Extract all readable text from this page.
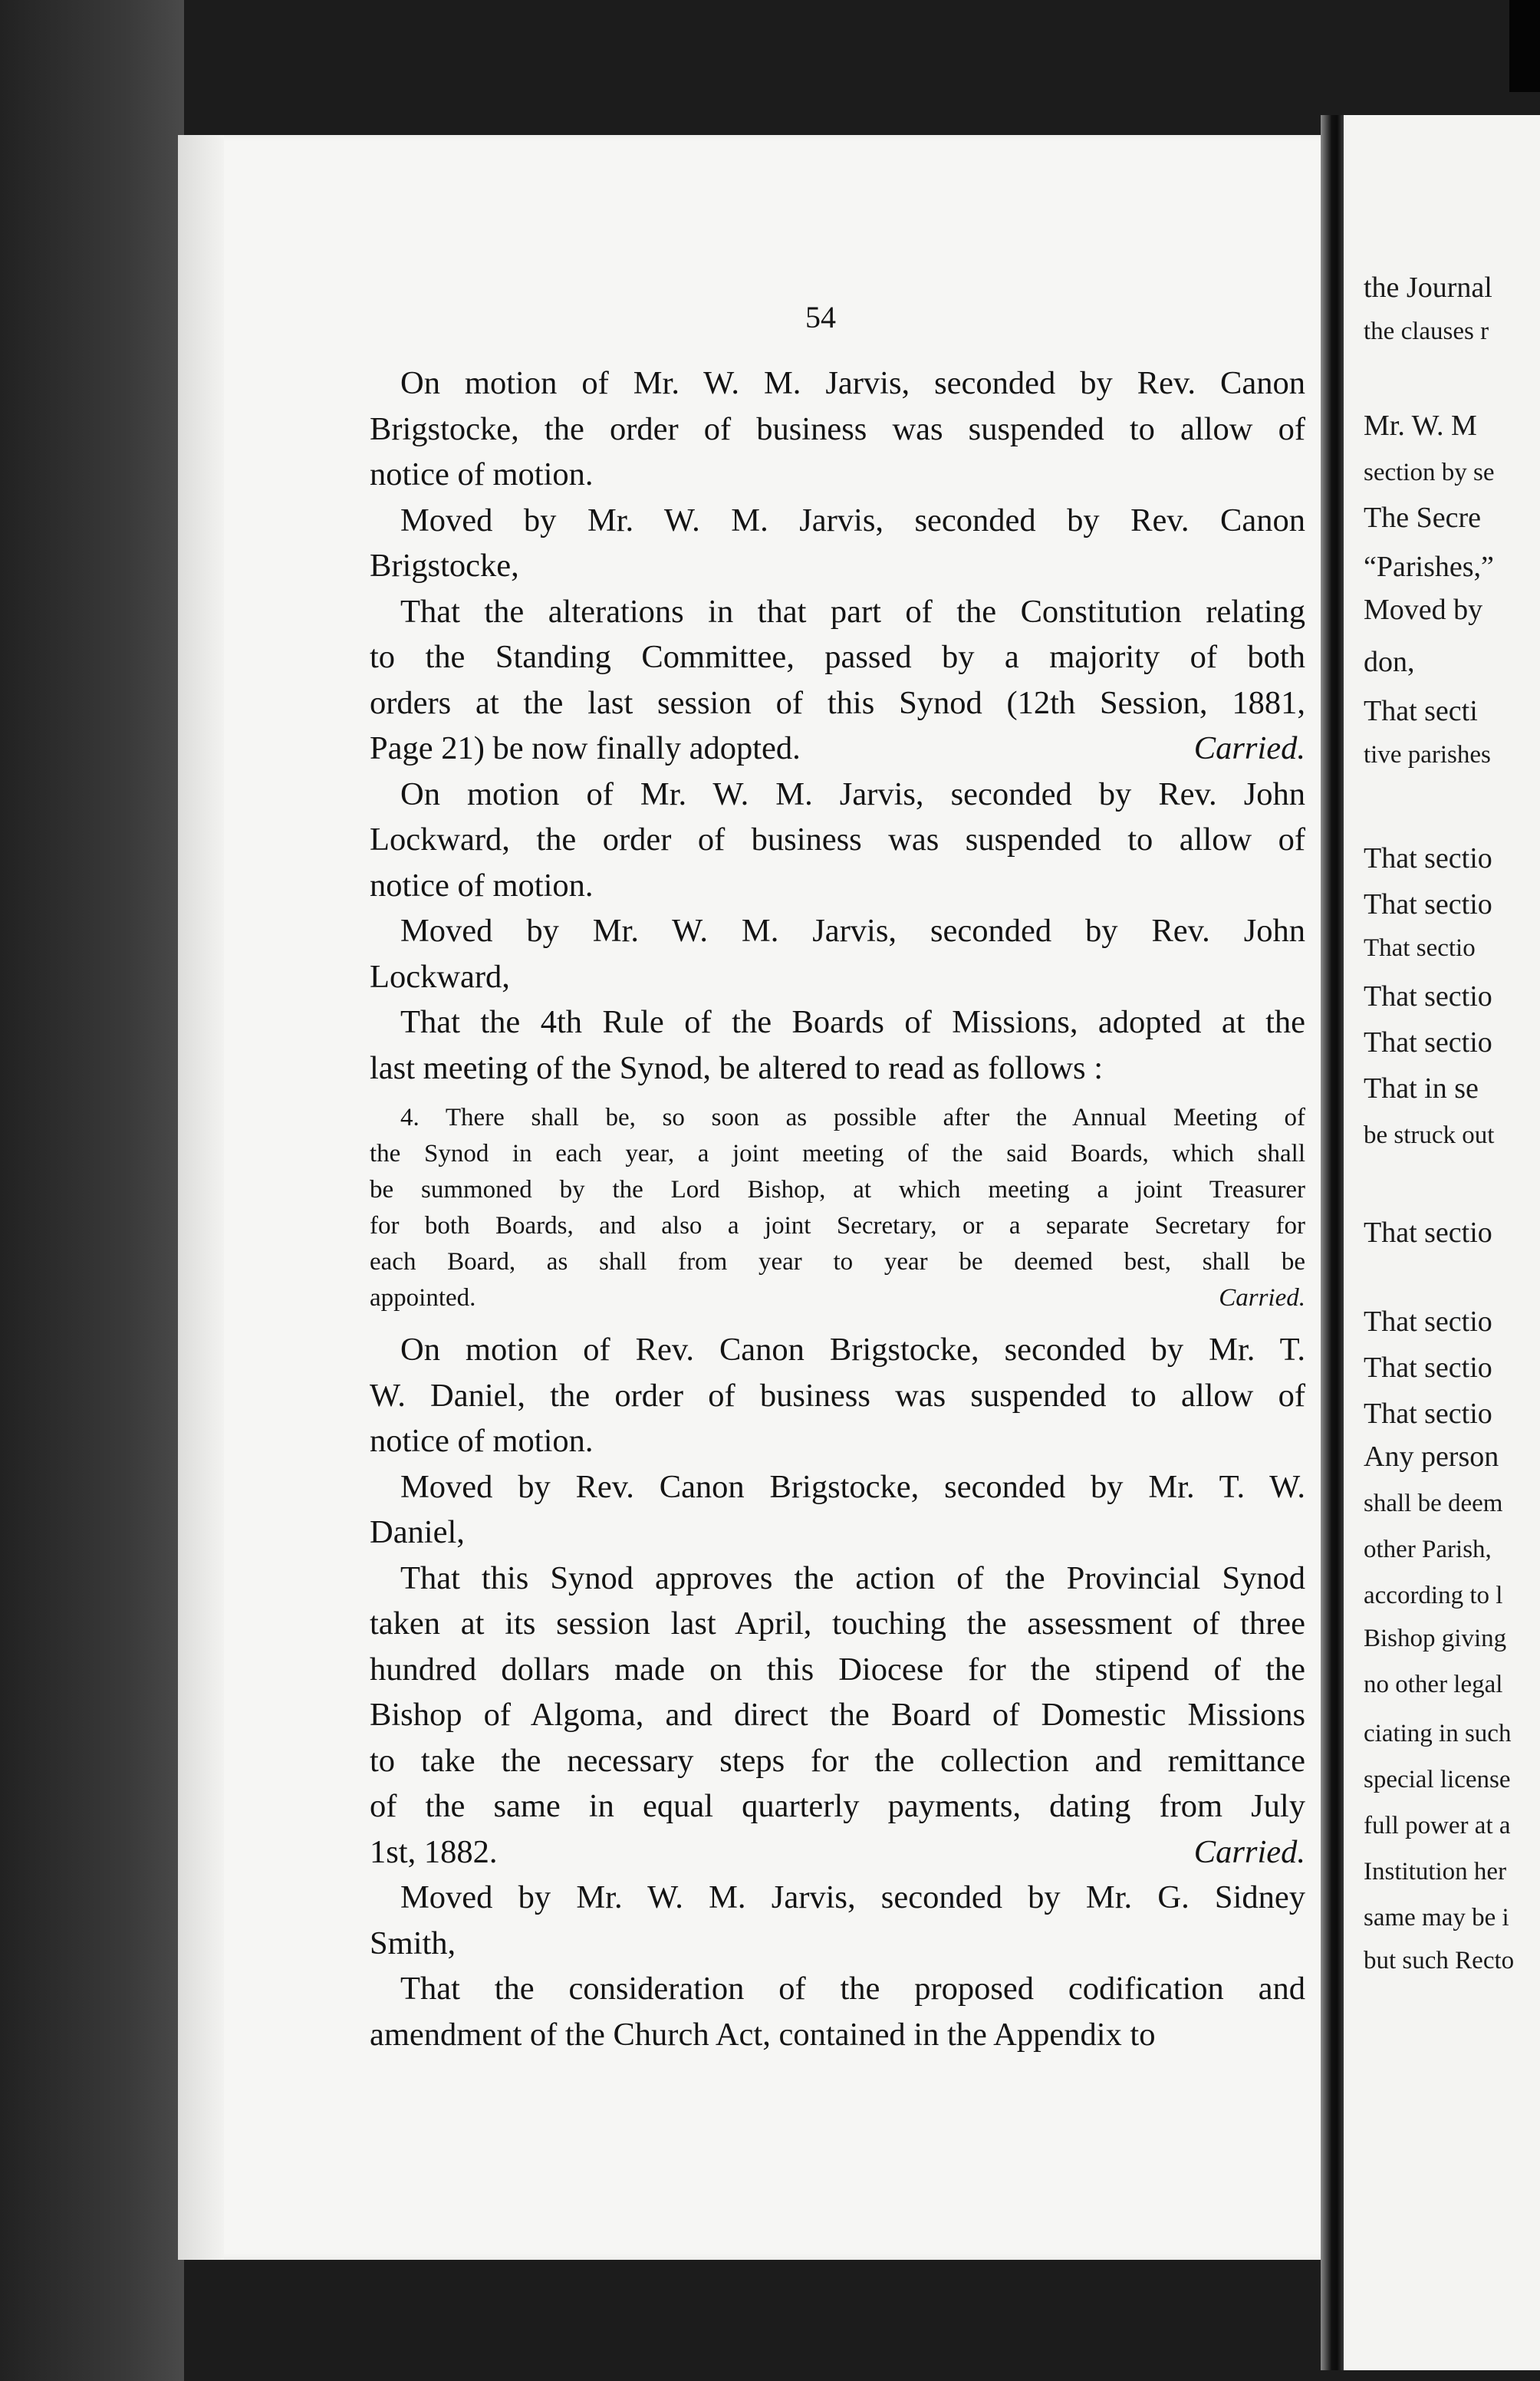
54
On motion of Mr. W. M. Jarvis, seconded by Rev. Canon
Brigstocke, the order of business was suspended to allow of
notice of motion.
Moved by Mr. W. M. Jarvis, seconded by Rev. Canon
Brigstocke,
That the alterations in that part of the Constitution relating
to the Standing Committee, passed by a majority of both
orders at the last session of this Synod (12th Session, 1881,
Page 21) be now finally adopted.	Carried.
On motion of Mr. W. M. Jarvis, seconded by Rev. John
Lockward, the order of business was suspended to allow of
notice of motion.
Moved by Mr. W. M. Jarvis, seconded by Rev. John
Lockward,
That the 4th Rule of the Boards of Missions, adopted at the
last meeting of the Synod, be altered to read as follows :
4. There shall be, so soon as possible after the Annual Meeting of
the Synod in each year, a joint meeting of the said Boards, which shall
be summoned by the Lord Bishop, at which meeting a joint Treasurer
for both Boards, and also a joint Secretary, or a separate Secretary for
each Board, as shall from year to year be deemed best, shall be
appointed.	Carried.
On motion of Rev. Canon Brigstocke, seconded by Mr. T.
W. Daniel, the order of business was suspended to allow of
notice of motion.
Moved by Rev. Canon Brigstocke, seconded by Mr. T. W.
Daniel,
That this Synod approves the action of the Provincial Synod
taken at its session last April, touching the assessment of three
hundred dollars made on this Diocese for the stipend of the
Bishop of Algoma, and direct the Board of Domestic Missions
to take the necessary steps for the collection and remittance
of the same in equal quarterly payments, dating from July
1st, 1882.	Carried.
Moved by Mr. W. M. Jarvis, seconded by Mr. G. Sidney
Smith,
That the consideration of the proposed codification and
amendment of the Church Act, contained in the Appendix to
the Journal
the clauses r
Mr. W. M
section by se
The Secre
“Parishes,”
Moved by
don,
That secti
tive parishes
That sectio
That sectio
That sectio
That sectio
That sectio
That in se
be struck out
That sectio
That sectio
That sectio
That sectio
Any person
shall be deem
other Parish,
according to l
Bishop giving
no other legal
ciating in such
special license
full power at a
Institution her
same may be i
but such Recto
